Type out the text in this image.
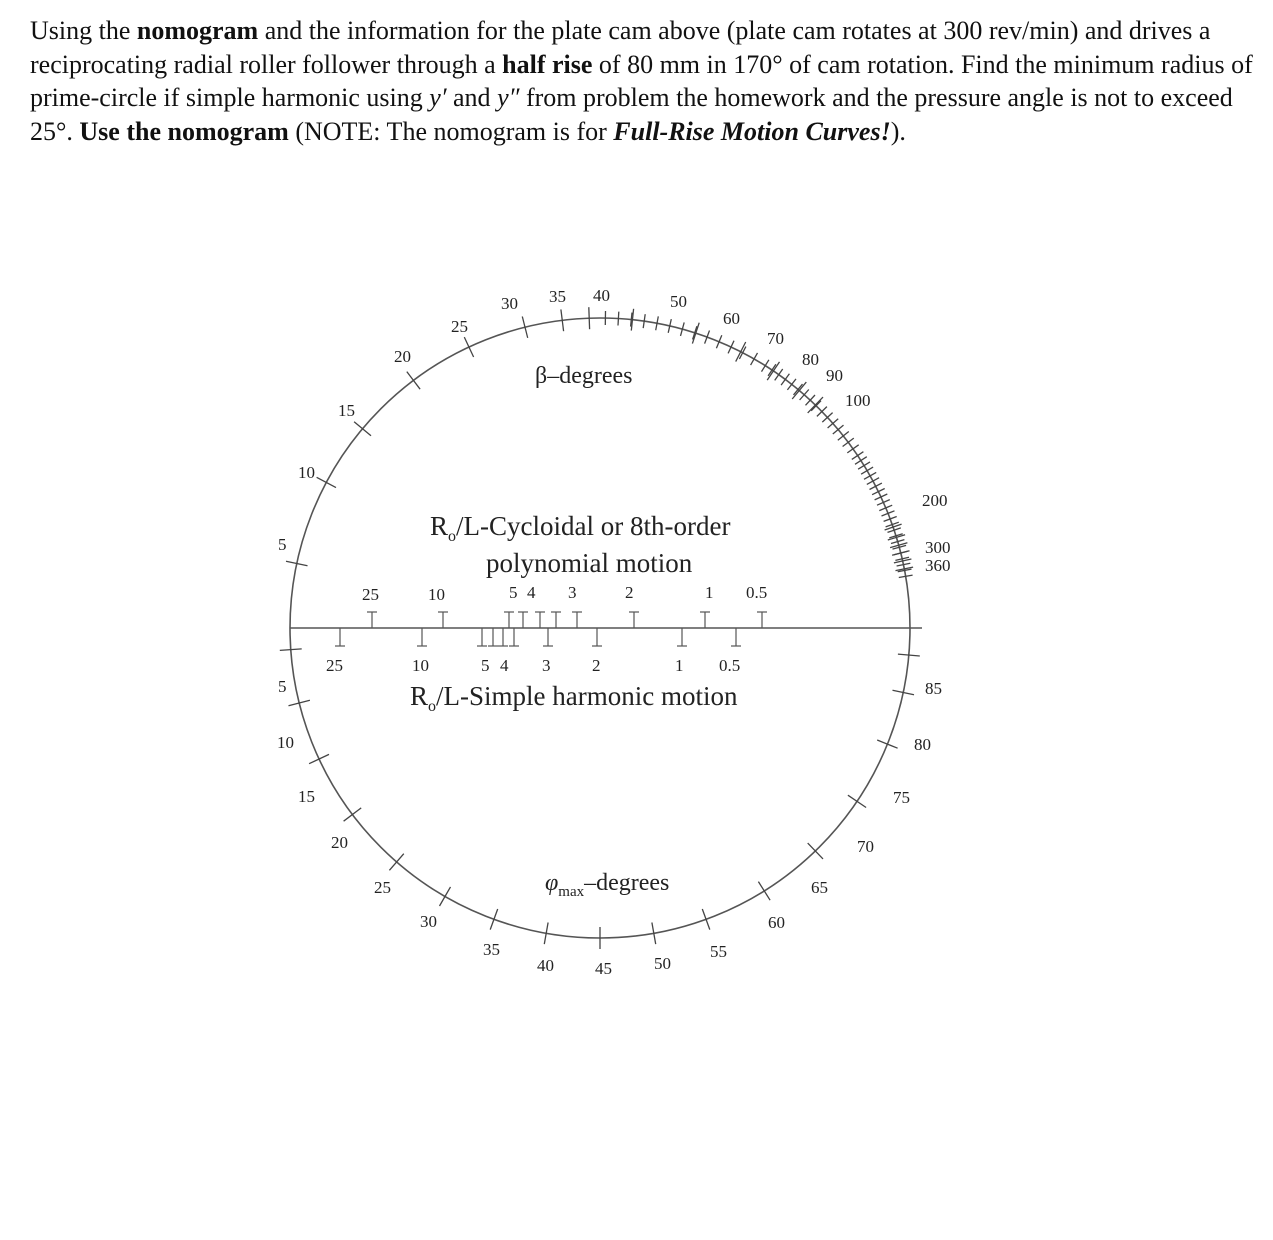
Using the nomogram and the information for the plate cam above (plate cam rotates at 300 rev/min) and drives a reciprocating radial roller follower through a half rise of 80 mm in 170° of cam rotation. Find the minimum radius of prime-circle if simple harmonic using y′ and y″ from problem the homework and the pressure angle is not to exceed 25°. Use the nomogram (NOTE: The nomogram is for Full-Rise Motion Curves!).
5
10
15
20
25
30 35 40	50
60
70
80
90
100
200
300
360
5
10
15
20
25
30
35
40 45 50
55
60
65
70
75
80
85
β–degrees
$\varphi_{max}$–degrees
$R_o/L$-Cycloidal or 8th-order
polynomial motion
25	10	5 4 3	2	1 0.5
25	10	5 4 3 2	1 0.5
$R_o/L$-Simple harmonic motion
